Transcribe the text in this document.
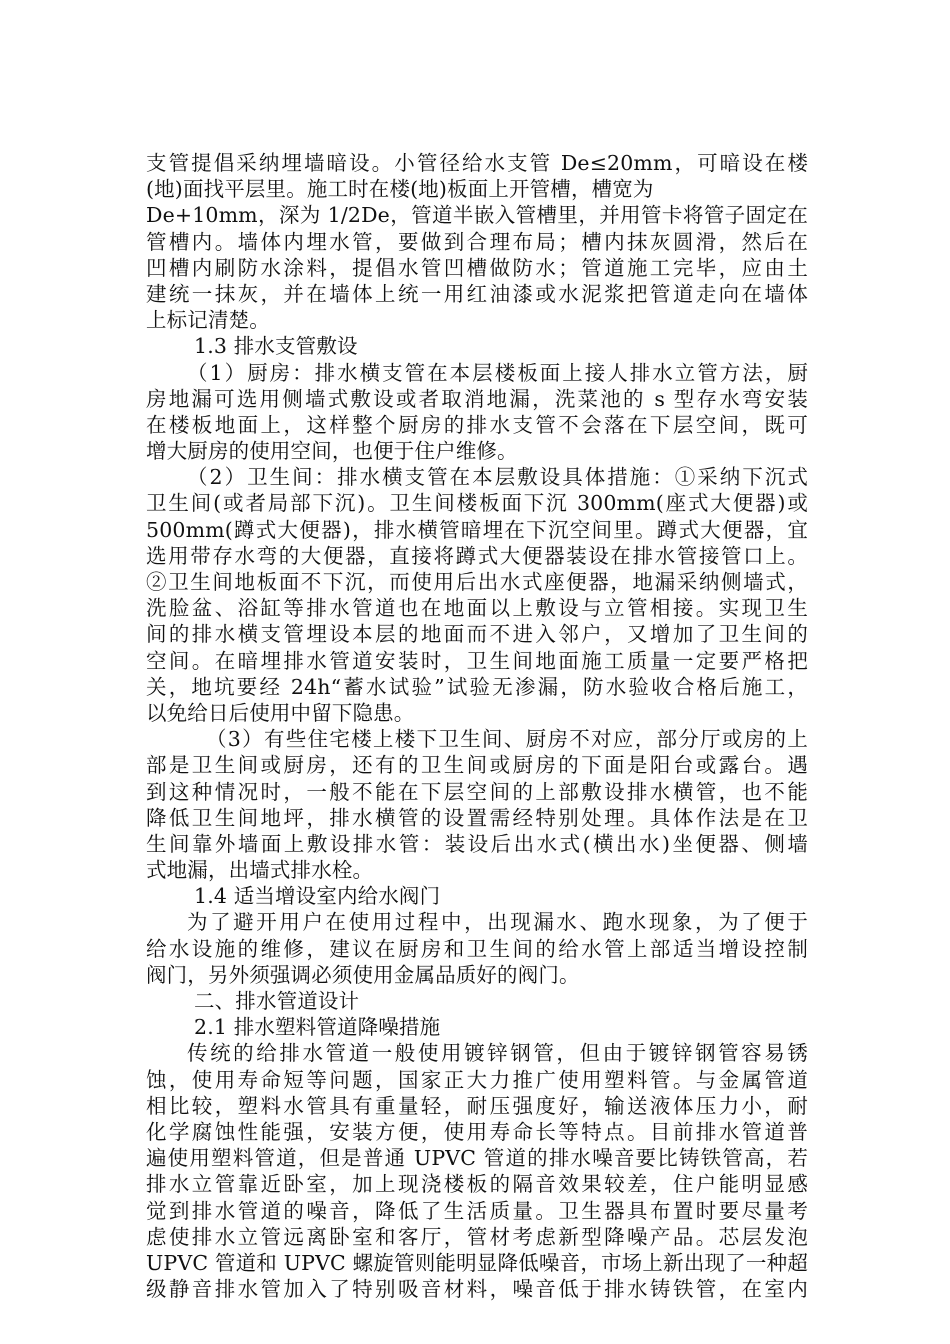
支管提倡采纳埋墙暗设。小管径给水支管 De≤20mm，可暗设在楼
(地)面找平层里。施工时在楼(地)板面上开管槽，槽宽为
De+10mm，深为 1/2De，管道半嵌入管槽里，并用管卡将管子固定在
管槽内。墙体内埋水管，要做到合理布局；槽内抹灰圆滑，然后在
凹槽内刷防水涂料，提倡水管凹槽做防水；管道施工完毕，应由土
建统一抹灰，并在墙体上统一用红油漆或水泥浆把管道走向在墙体
上标记清楚。
1.3 排水支管敷设
（1）厨房：排水横支管在本层楼板面上接人排水立管方法，厨
房地漏可选用侧墙式敷设或者取消地漏，洗菜池的 s 型存水弯安装
在楼板地面上，这样整个厨房的排水支管不会落在下层空间，既可
增大厨房的使用空间，也便于住户维修。
（2）卫生间：排水横支管在本层敷设具体措施：①采纳下沉式
卫生间(或者局部下沉)。卫生间楼板面下沉 300mm(座式大便器)或
500mm(蹲式大便器)，排水横管暗埋在下沉空间里。蹲式大便器，宜
选用带存水弯的大便器，直接将蹲式大便器装设在排水管接管口上。
②卫生间地板面不下沉，而使用后出水式座便器，地漏采纳侧墙式，
洗脸盆、浴缸等排水管道也在地面以上敷设与立管相接。实现卫生
间的排水横支管埋设本层的地面而不进入邻户，又增加了卫生间的
空间。在暗埋排水管道安装时，卫生间地面施工质量一定要严格把
关，地坑要经 24h“蓄水试验”试验无渗漏，防水验收合格后施工，
以免给日后使用中留下隐患。
（3）有些住宅楼上楼下卫生间、厨房不对应，部分厅或房的上
部是卫生间或厨房，还有的卫生间或厨房的下面是阳台或露台。遇
到这种情况时，一般不能在下层空间的上部敷设排水横管，也不能
降低卫生间地坪，排水横管的设置需经特别处理。具体作法是在卫
生间靠外墙面上敷设排水管：装设后出水式(横出水)坐便器、侧墙
式地漏，出墙式排水栓。
1.4 适当增设室内给水阀门
为了避开用户在使用过程中，出现漏水、跑水现象，为了便于
给水设施的维修，建议在厨房和卫生间的给水管上部适当增设控制
阀门，另外须强调必须使用金属品质好的阀门。
二、排水管道设计
2.1 排水塑料管道降噪措施
传统的给排水管道一般使用镀锌钢管，但由于镀锌钢管容易锈
蚀，使用寿命短等问题，国家正大力推广使用塑料管。与金属管道
相比较，塑料水管具有重量轻，耐压强度好，输送液体压力小，耐
化学腐蚀性能强，安装方便，使用寿命长等特点。目前排水管道普
遍使用塑料管道，但是普通 UPVC 管道的排水噪音要比铸铁管高，若
排水立管靠近卧室，加上现浇楼板的隔音效果较差，住户能明显感
觉到排水管道的噪音，降低了生活质量。卫生器具布置时要尽量考
虑使排水立管远离卧室和客厅，管材考虑新型降噪产品。芯层发泡
UPVC 管道和 UPVC 螺旋管则能明显降低噪音，市场上新出现了一种超
级静音排水管加入了特别吸音材料，噪音低于排水铸铁管，在室内
